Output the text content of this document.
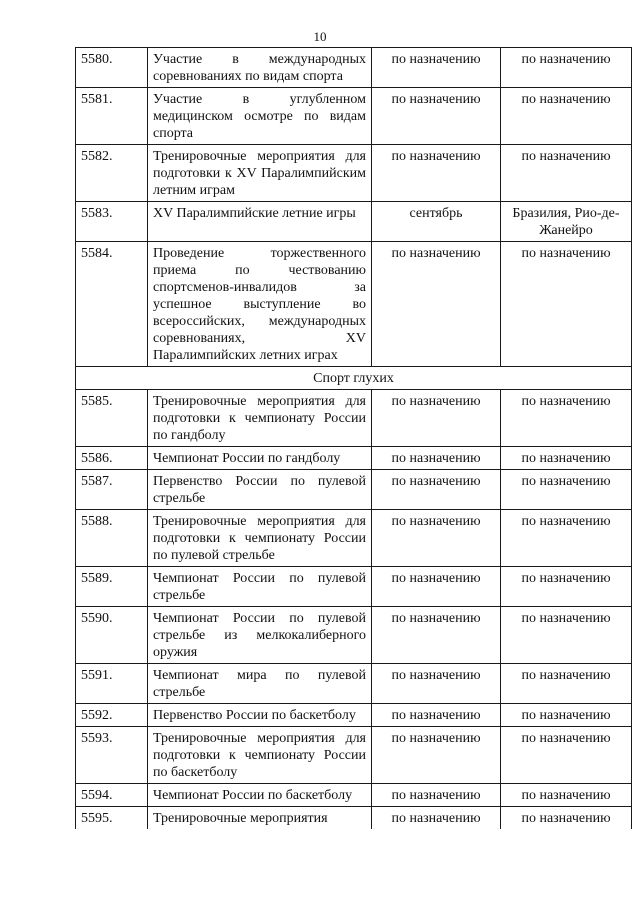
10
5580.	Участие в международных соревнованиях по видам спорта	по назначению	по назначению
5581.	Участие в углубленном медицинском осмотре по видам спорта	по назначению	по назначению
5582.	Тренировочные мероприятия для подготовки к XV Паралимпийским летним играм	по назначению	по назначению
5583.	XV Паралимпийские летние игры	сентябрь	Бразилия, Рио-де-Жанейро
5584.	Проведение торжественного приема по чествованию спортсменов-инвалидов за успешное выступление во всероссийских, международных соревнованиях, XV Паралимпийских летних играх	по назначению	по назначению
Спорт глухих			
5585.	Тренировочные мероприятия для подготовки к чемпионату России по гандболу	по назначению	по назначению
5586.	Чемпионат России по гандболу	по назначению	по назначению
5587.	Первенство России по пулевой стрельбе	по назначению	по назначению
5588.	Тренировочные мероприятия для подготовки к чемпионату России по пулевой стрельбе	по назначению	по назначению
5589.	Чемпионат России по пулевой стрельбе	по назначению	по назначению
5590.	Чемпионат России по пулевой стрельбе из мелкокалиберного оружия	по назначению	по назначению
5591.	Чемпионат мира по пулевой стрельбе	по назначению	по назначению
5592.	Первенство России по баскетболу	по назначению	по назначению
5593.	Тренировочные мероприятия для подготовки к чемпионату России по баскетболу	по назначению	по назначению
5594.	Чемпионат России по баскетболу	по назначению	по назначению
5595.	Тренировочные мероприятия	по назначению	по назначению
